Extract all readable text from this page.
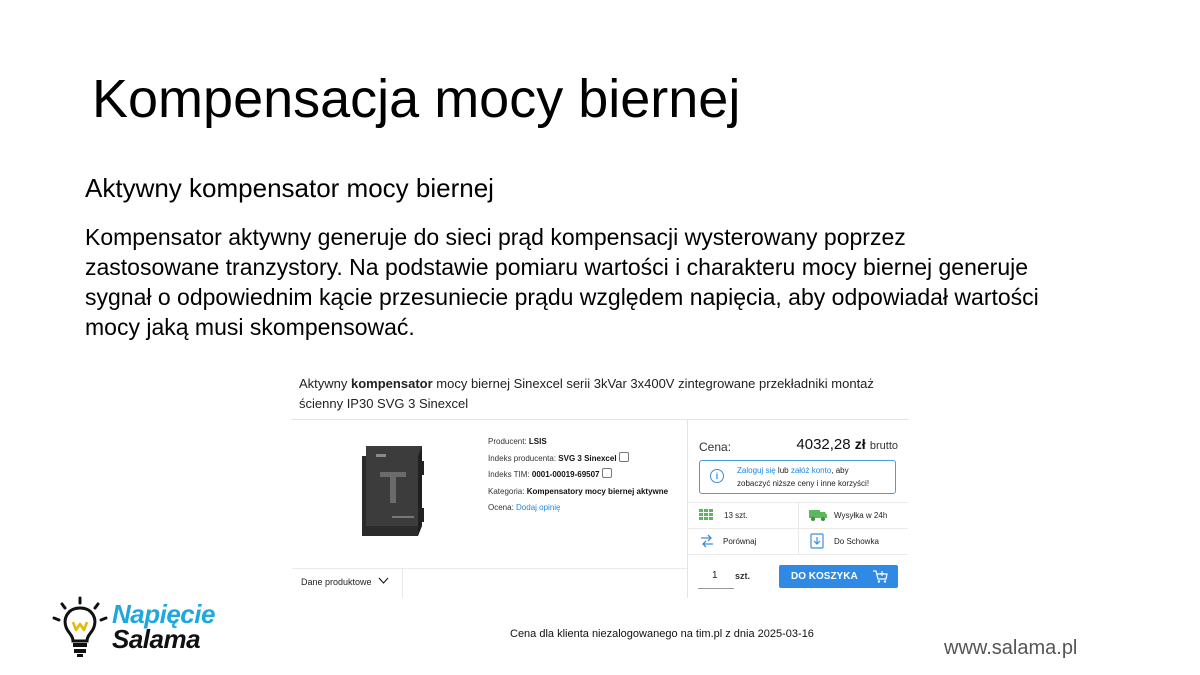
Kompensacja mocy biernej
Aktywny kompensator mocy biernej

Kompensator aktywny generuje do sieci prąd kompensacji wysterowany poprzez zastosowane tranzystory. Na podstawie pomiaru wartości i charakteru mocy biernej generuje sygnał o odpowiednim kącie przesuniecie prądu względem napięcia, aby odpowiadał wartości mocy jaką musi skompensować.

Aktywny kompensator mocy biernej Sinexcel serii 3kVar 3x400V zintegrowane przekładniki montaż ścienny IP30 SVG 3 Sinexcel
Producent: LSIS
Indeks producenta: SVG 3 Sinexcel
Indeks TIM: 0001-00019-69507
Kategoria: Kompensatory mocy biernej aktywne
Ocena: Dodaj opinię
Cena:	4032,28 zł brutto
i
Zaloguj się lub załóż konto, aby
zobaczyć niższe ceny i inne korzyści!
13 szt.	Wysyłka w 24h
Porównaj	Do Schowka
1 szt.	DO KOSZYKA
Dane produktowe
Napięcie
Salama	Cena dla klienta niezalogowanego na tim.pl z dnia 2025-03-16
www.salama.pl
